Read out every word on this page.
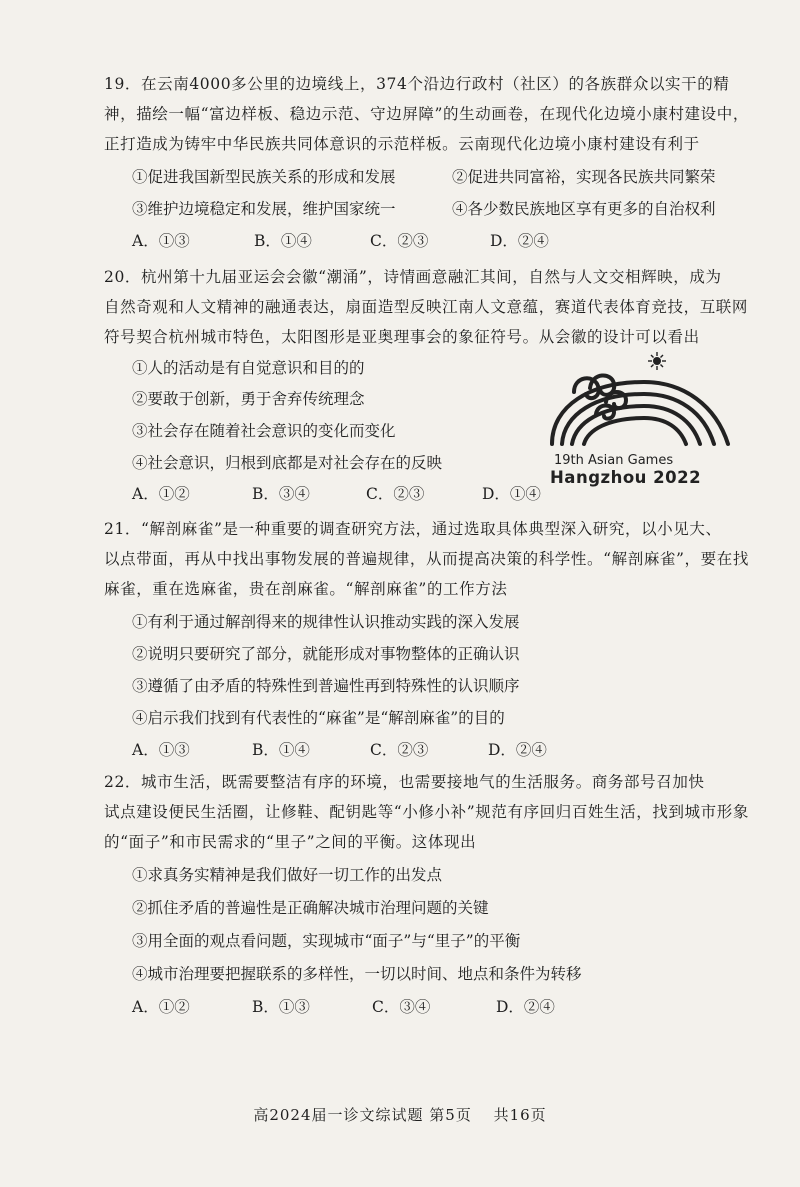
19．在云南4000多公里的边境线上，374个沿边行政村（社区）的各族群众以实干的精
神，描绘一幅“富边样板、稳边示范、守边屏障”的生动画卷，在现代化边境小康村建设中，
正打造成为铸牢中华民族共同体意识的示范样板。云南现代化边境小康村建设有利于
①促进我国新型民族关系的形成和发展	②促进共同富裕，实现各民族共同繁荣
③维护边境稳定和发展，维护国家统一	④各少数民族地区享有更多的自治权利
A．①③	B．①④	C．②③	D．②④
20．杭州第十九届亚运会会徽“潮涌”，诗情画意融汇其间，自然与人文交相辉映，成为
自然奇观和人文精神的融通表达，扇面造型反映江南人文意蕴，赛道代表体育竞技，互联网
符号契合杭州城市特色，太阳图形是亚奥理事会的象征符号。从会徽的设计可以看出
①人的活动是有自觉意识和目的的
②要敢于创新，勇于舍弃传统理念
③社会存在随着社会意识的变化而变化
④社会意识，归根到底都是对社会存在的反映
A．①②	B．③④	C．②③	D．①④
19th Asian Games
Hangzhou 2022
21．“解剖麻雀”是一种重要的调查研究方法，通过选取具体典型深入研究，以小见大、
以点带面，再从中找出事物发展的普遍规律，从而提高决策的科学性。“解剖麻雀”，要在找
麻雀，重在选麻雀，贵在剖麻雀。“解剖麻雀”的工作方法
①有利于通过解剖得来的规律性认识推动实践的深入发展
②说明只要研究了部分，就能形成对事物整体的正确认识
③遵循了由矛盾的特殊性到普遍性再到特殊性的认识顺序
④启示我们找到有代表性的“麻雀”是“解剖麻雀”的目的
A．①③	B．①④	C．②③	D．②④
22．城市生活，既需要整洁有序的环境，也需要接地气的生活服务。商务部号召加快
试点建设便民生活圈，让修鞋、配钥匙等“小修小补”规范有序回归百姓生活，找到城市形象
的“面子”和市民需求的“里子”之间的平衡。这体现出
①求真务实精神是我们做好一切工作的出发点
②抓住矛盾的普遍性是正确解决城市治理问题的关键
③用全面的观点看问题，实现城市“面子”与“里子”的平衡
④城市治理要把握联系的多样性，一切以时间、地点和条件为转移
A．①②	B．①③	C．③④	D．②④
高2024届一诊文综试题 第5页　 共16页
